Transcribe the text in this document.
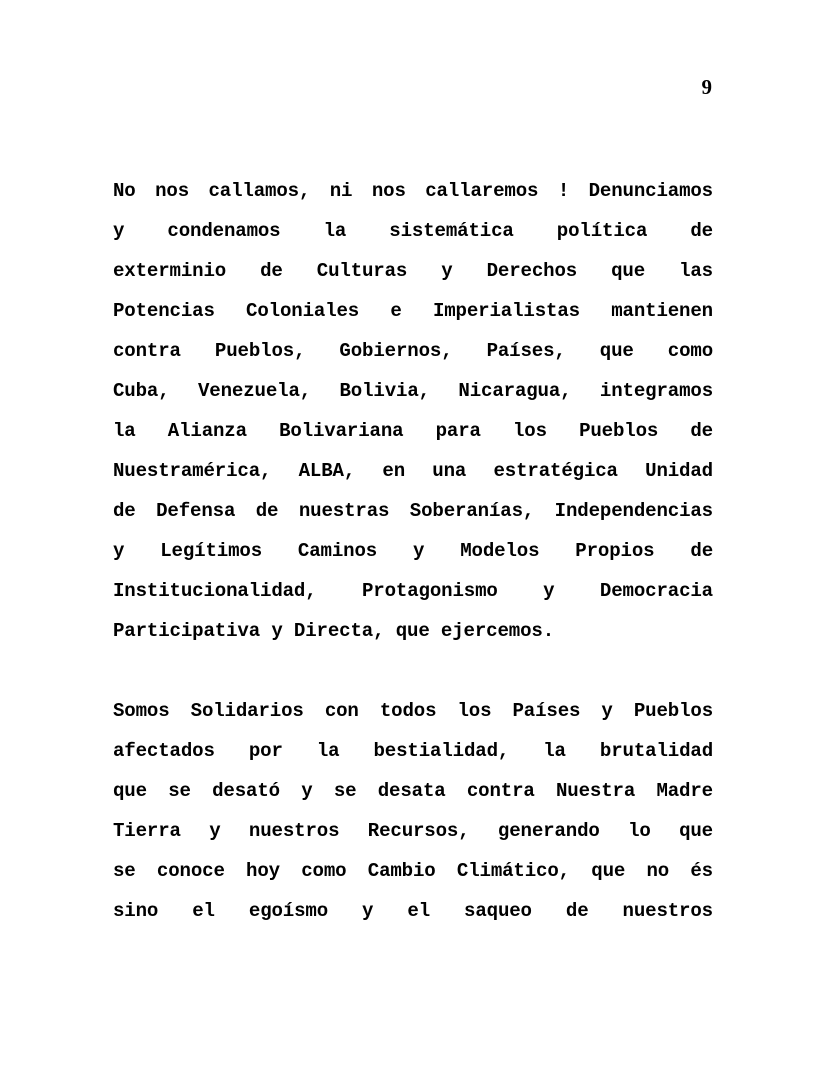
9

No nos callamos, ni nos callaremos ! Denunciamos
y condenamos la sistemática política de
exterminio de Culturas y Derechos que las
Potencias Coloniales e Imperialistas mantienen
contra Pueblos, Gobiernos, Países, que como
Cuba, Venezuela, Bolivia, Nicaragua, integramos
la Alianza Bolivariana para los Pueblos de
Nuestramérica, ALBA, en una estratégica Unidad
de Defensa de nuestras Soberanías, Independencias
y Legítimos Caminos y Modelos Propios de
Institucionalidad, Protagonismo y Democracia
Participativa y Directa, que ejercemos.

Somos Solidarios con todos los Países y Pueblos
afectados por la bestialidad, la brutalidad
que se desató y se desata contra Nuestra Madre
Tierra y nuestros Recursos, generando lo que
se conoce hoy como Cambio Climático, que no és
sino el egoísmo y el saqueo de nuestros
